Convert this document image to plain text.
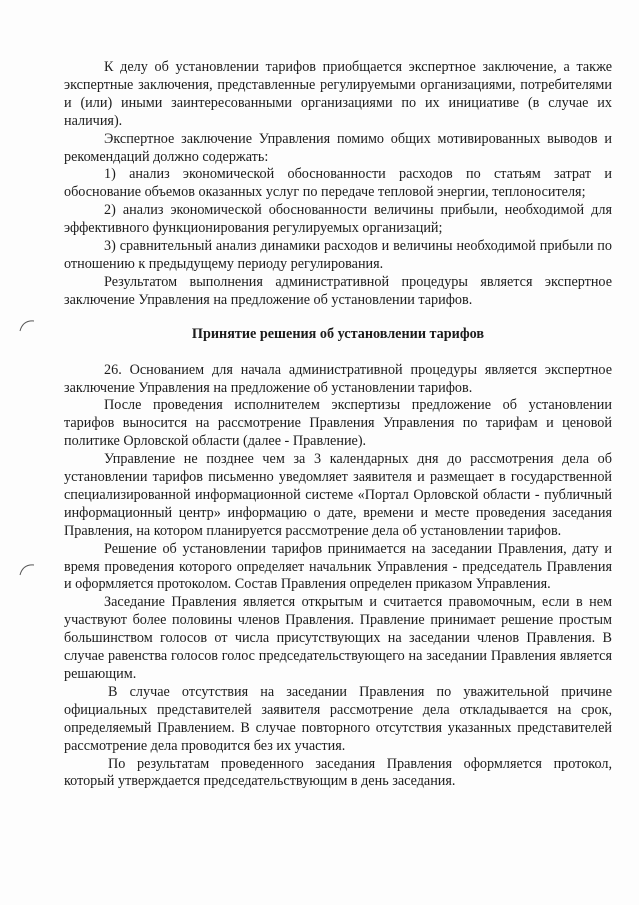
К делу об установлении тарифов приобщается экспертное заключение, а также экспертные заключения, представленные регулируемыми организациями, потребителями и (или) иными заинтересованными организациями по их инициативе (в случае их наличия).

Экспертное заключение Управления помимо общих мотивированных выводов и рекомендаций должно содержать:

1) анализ экономической обоснованности расходов по статьям затрат и обоснование объемов оказанных услуг по передаче тепловой энергии, теплоносителя;

2) анализ экономической обоснованности величины прибыли, необходимой для эффективного функционирования регулируемых организаций;

3) сравнительный анализ динамики расходов и величины необходимой прибыли по отношению к предыдущему периоду регулирования.

Результатом выполнения административной процедуры является экспертное заключение Управления на предложение об установлении тарифов.

Принятие решения об установлении тарифов

26. Основанием для начала административной процедуры является экспертное заключение Управления на предложение об установлении тарифов.

После проведения исполнителем экспертизы предложение об установлении тарифов выносится на рассмотрение Правления Управления по тарифам и ценовой политике Орловской области (далее - Правление).

Управление не позднее чем за 3 календарных дня до рассмотрения дела об установлении тарифов письменно уведомляет заявителя и размещает в государственной специализированной информационной системе «Портал Орловской области - публичный информационный центр» информацию о дате, времени и месте проведения заседания Правления, на котором планируется рассмотрение дела об установлении тарифов.

Решение об установлении тарифов принимается на заседании Правления, дату и время проведения которого определяет начальник Управления - председатель Правления и оформляется протоколом. Состав Правления определен приказом Управления.

Заседание Правления является открытым и считается правомочным, если в нем участвуют более половины членов Правления. Правление принимает решение простым большинством голосов от числа присутствующих на заседании членов Правления. В случае равенства голосов голос председательствующего на заседании Правления является решающим.

В случае отсутствия на заседании Правления по уважительной причине официальных представителей заявителя рассмотрение дела откладывается на срок, определяемый Правлением. В случае повторного отсутствия указанных представителей рассмотрение дела проводится без их участия.

По результатам проведенного заседания Правления оформляется протокол, который утверждается председательствующим в день заседания.
